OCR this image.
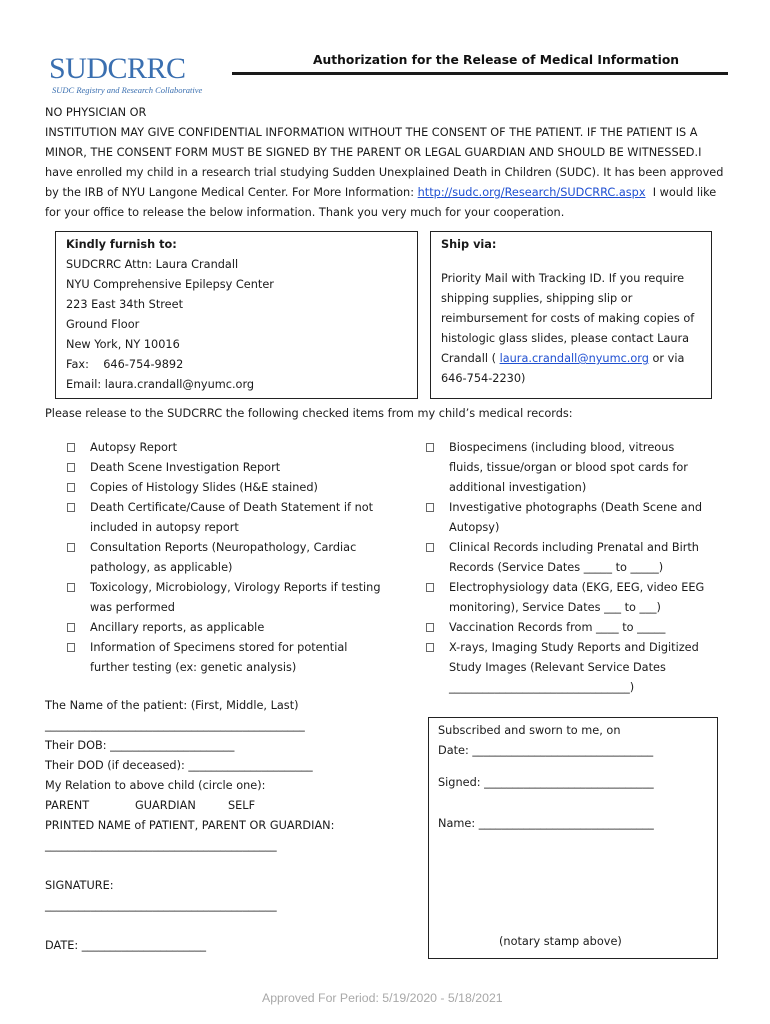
SUDCRRC
SUDC Registry and Research Collaborative
Authorization for the Release of Medical Information

NO PHYSICIAN OR

INSTITUTION MAY GIVE CONFIDENTIAL INFORMATION WITHOUT THE CONSENT OF THE PATIENT. IF THE PATIENT IS A

MINOR, THE CONSENT FORM MUST BE SIGNED BY THE PARENT OR LEGAL GUARDIAN AND SHOULD BE WITNESSED.I

have enrolled my child in a research trial studying Sudden Unexplained Death in Children (SUDC). It has been approved

by the IRB of NYU Langone Medical Center. For More Information: http://sudc.org/Research/SUDCRRC.aspx  I would like

for your office to release the below information. Thank you very much for your cooperation.

Kindly furnish to:
SUDCRRC Attn: Laura Crandall
NYU Comprehensive Epilepsy Center
223 East 34th Street
Ground Floor
New York, NY 10016
Fax:    646-754-9892
Email: laura.crandall@nyumc.org
Ship via:
Priority Mail with Tracking ID. If you require
shipping supplies, shipping slip or
reimbursement for costs of making copies of
histologic glass slides, please contact Laura
Crandall ( laura.crandall@nyumc.org or via
646-754-2230)
Please release to the SUDCRRC the following checked items from my child’s medical records:
Autopsy Report
Death Scene Investigation Report
Copies of Histology Slides (H&E stained)
Death Certificate/Cause of Death Statement if not
included in autopsy report
Consultation Reports (Neuropathology, Cardiac
pathology, as applicable)
Toxicology, Microbiology, Virology Reports if testing
was performed
Ancillary reports, as applicable
Information of Specimens stored for potential
further testing (ex: genetic analysis)
Biospecimens (including blood, vitreous
fluids, tissue/organ or blood spot cards for
additional investigation)
Investigative photographs (Death Scene and
Autopsy)
Clinical Records including Prenatal and Birth
Records (Service Dates _____ to _____)
Electrophysiology data (EKG, EEG, video EEG
monitoring), Service Dates ___ to ___)
Vaccination Records from ____ to _____
X-rays, Imaging Study Reports and Digitized
Study Images (Relevant Service Dates
________________________________)
The Name of the patient: (First, Middle, Last)
______________________________________________
Their DOB: ______________________
Their DOD (if deceased): ______________________
My Relation to above child (circle one):
PARENT	GUARDIAN	SELF
PRINTED NAME of PATIENT, PARENT OR GUARDIAN:
_________________________________________
SIGNATURE:
_________________________________________
DATE: ______________________
Subscribed and sworn to me, on
Date: ________________________________
Signed: ______________________________
Name: _______________________________
(notary stamp above)
Approved For Period: 5/19/2020 - 5/18/2021
